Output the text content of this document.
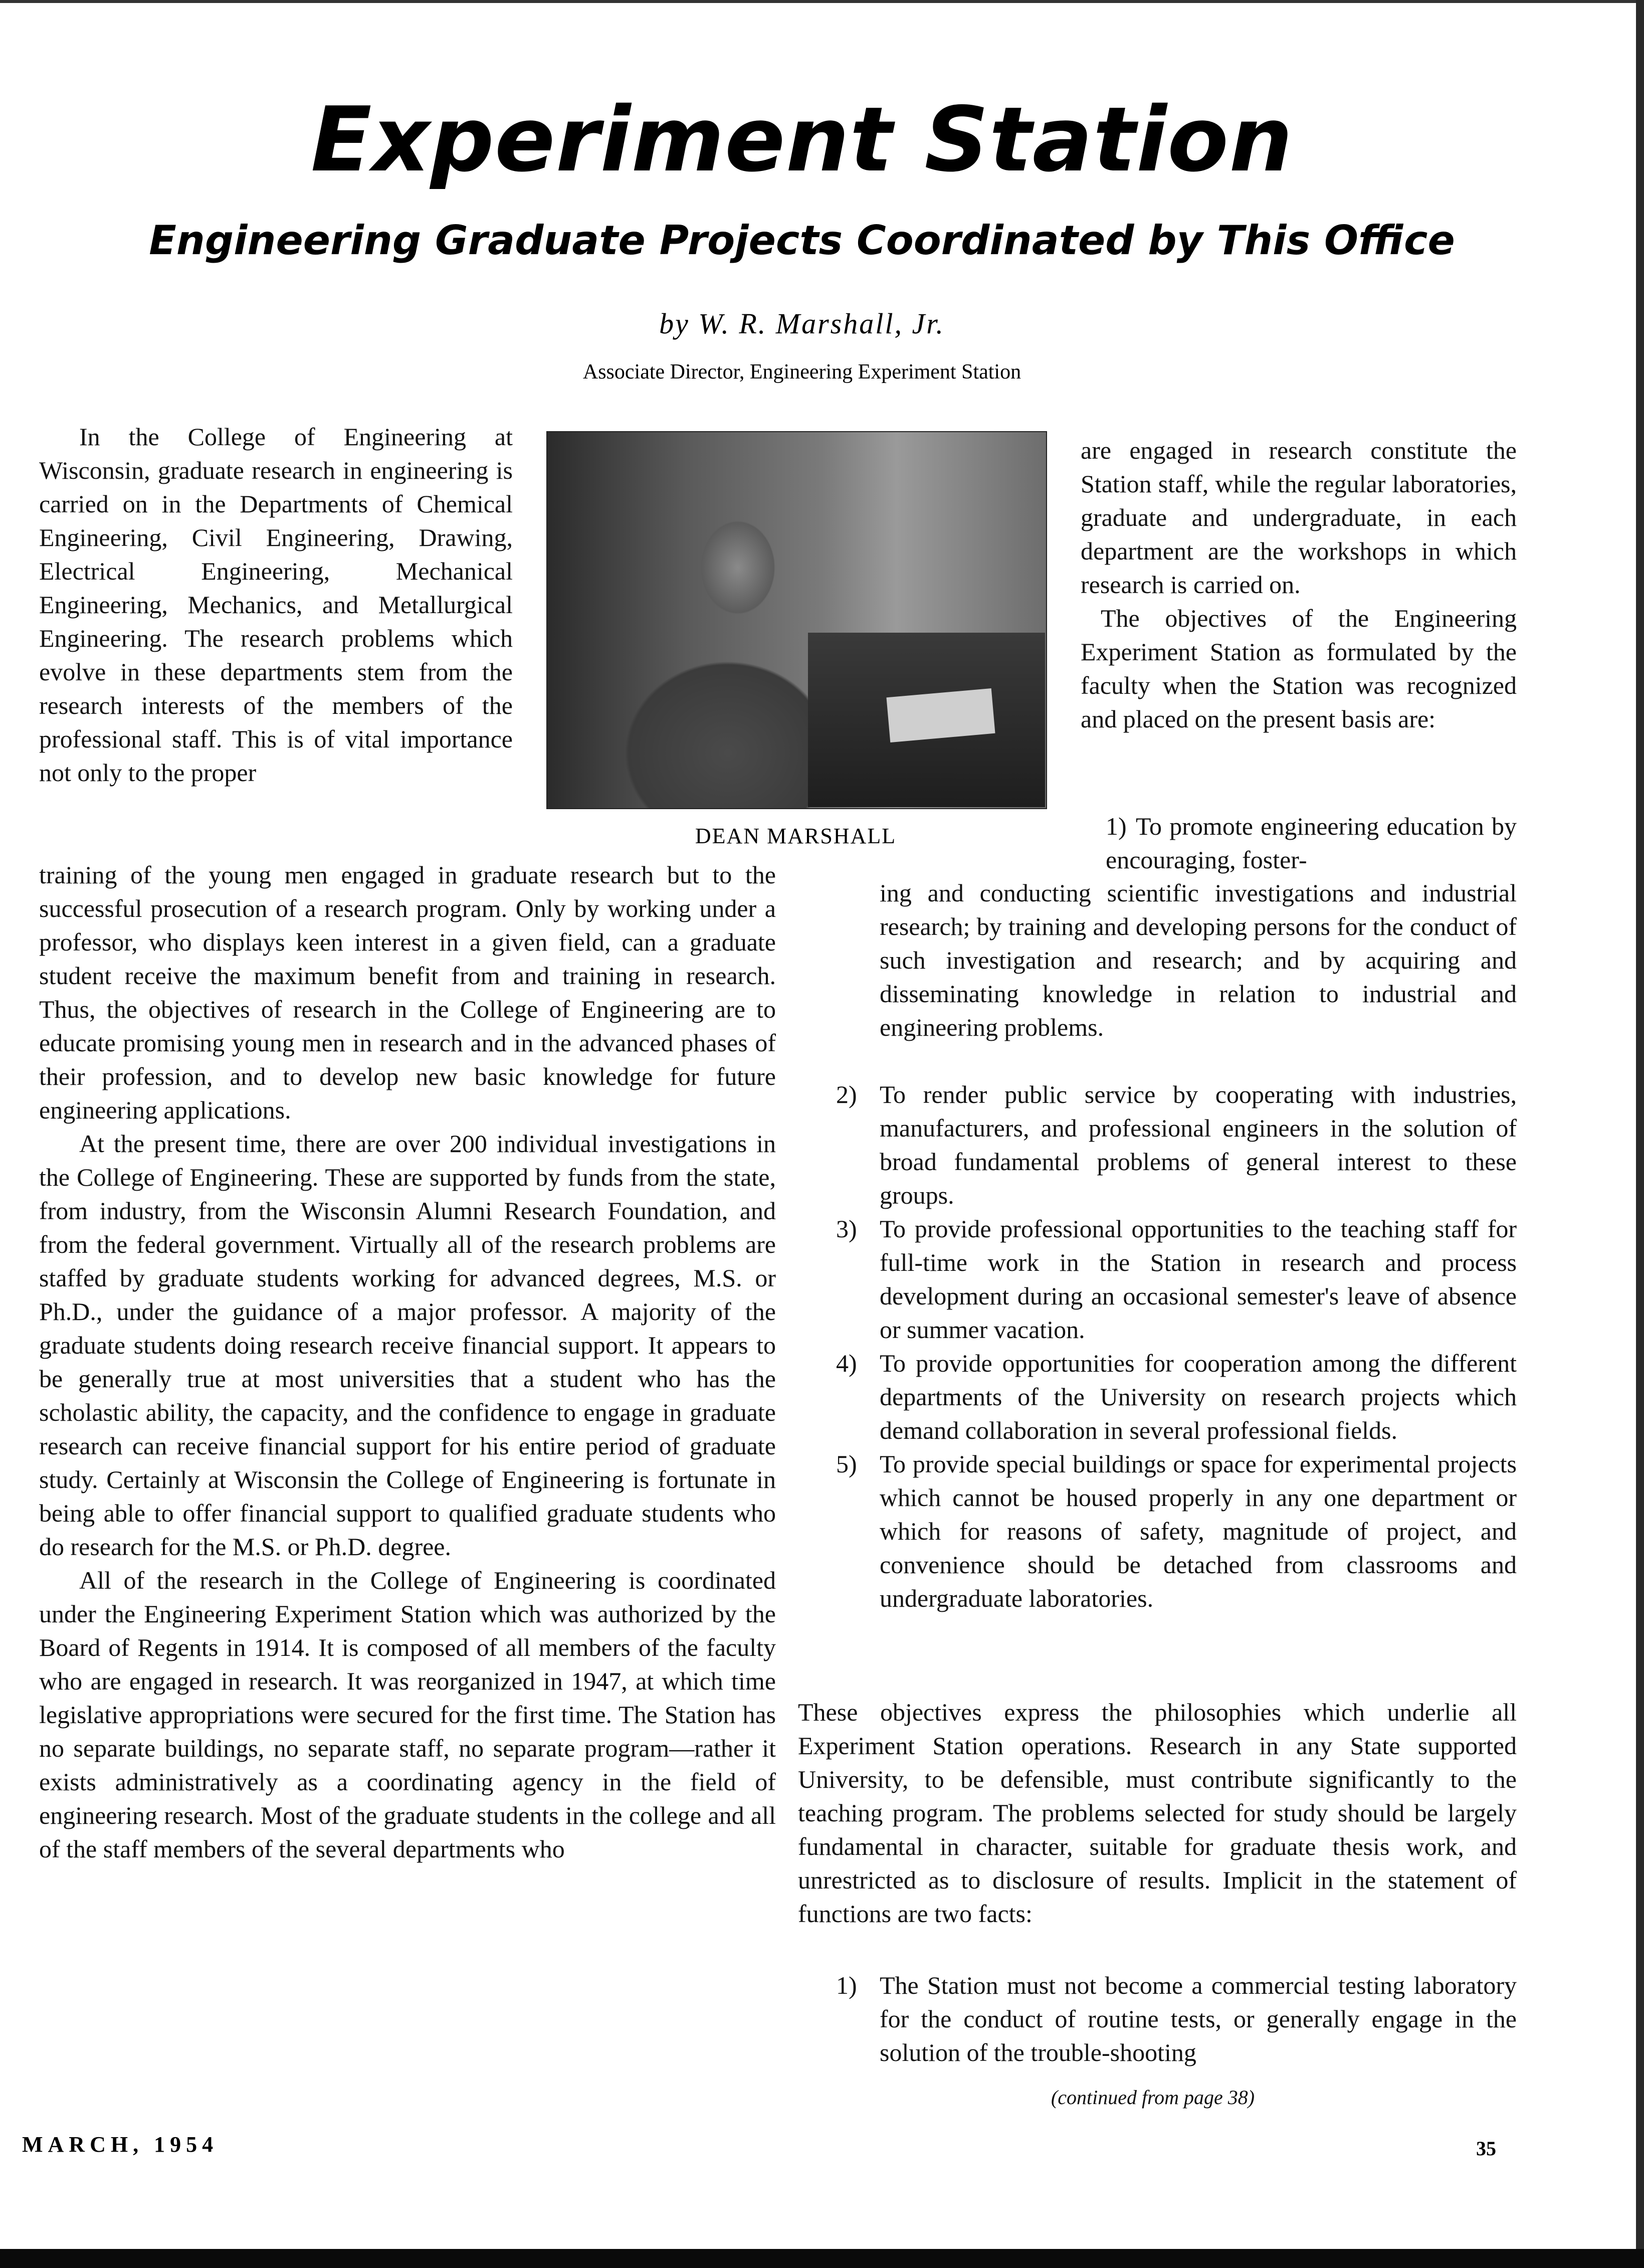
Experiment Station
Engineering Graduate Projects Coordinated by This Office
by W. R. Marshall, Jr.
Associate Director, Engineering Experiment Station

In the College of Engineering at Wisconsin, graduate research in engineering is carried on in the Departments of Chemical Engineering, Civil Engineering, Drawing, Electrical Engineering, Mechanical Engineering, Mechanics, and Metallurgical Engineering. The research problems which evolve in these departments stem from the research interests of the members of the professional staff. This is of vital importance not only to the proper

DEAN MARSHALL

training of the young men engaged in graduate research but to the successful prosecution of a research program. Only by working under a professor, who displays keen interest in a given field, can a graduate student receive the maximum benefit from and training in research. Thus, the objectives of research in the College of Engineering are to educate promising young men in research and in the advanced phases of their profession, and to develop new basic knowledge for future engineering applications.

At the present time, there are over 200 individual investigations in the College of Engineering. These are supported by funds from the state, from industry, from the Wisconsin Alumni Research Foundation, and from the federal government. Virtually all of the research problems are staffed by graduate students working for advanced degrees, M.S. or Ph.D., under the guidance of a major professor. A majority of the graduate students doing research receive financial support. It appears to be generally true at most universities that a student who has the scholastic ability, the capacity, and the confidence to engage in graduate research can receive financial support for his entire period of graduate study. Certainly at Wisconsin the College of Engineering is fortunate in being able to offer financial support to qualified graduate students who do research for the M.S. or Ph.D. degree.

All of the research in the College of Engineering is coordinated under the Engineering Experiment Station which was authorized by the Board of Regents in 1914. It is composed of all members of the faculty who are engaged in research. It was reorganized in 1947, at which time legislative appropriations were secured for the first time. The Station has no separate buildings, no separate staff, no separate program—rather it exists administratively as a coordinating agency in the field of engineering research. Most of the graduate students in the college and all of the staff members of the several departments who

are engaged in research constitute the Station staff, while the regular laboratories, graduate and undergraduate, in each department are the workshops in which research is carried on.

The objectives of the Engineering Experiment Station as formulated by the faculty when the Station was recognized and placed on the present basis are:

1) To promote engineering education by encouraging, foster-

ing and conducting scientific investigations and industrial research; by training and developing persons for the conduct of such investigation and research; and by acquiring and disseminating knowledge in relation to industrial and engineering problems.

2) To render public service by cooperating with industries, manufacturers, and professional engineers in the solution of broad fundamental problems of general interest to these groups.
3) To provide professional opportunities to the teaching staff for full-time work in the Station in research and process development during an occasional semester's leave of absence or summer vacation.
4) To provide opportunities for cooperation among the different departments of the University on research projects which demand collaboration in several professional fields.
5) To provide special buildings or space for experimental projects which cannot be housed properly in any one department or which for reasons of safety, magnitude of project, and convenience should be detached from classrooms and undergraduate laboratories.

These objectives express the philosophies which underlie all Experiment Station operations. Research in any State supported University, to be defensible, must contribute significantly to the teaching program. The problems selected for study should be largely fundamental in character, suitable for graduate thesis work, and unrestricted as to disclosure of results. Implicit in the statement of functions are two facts:

1) The Station must not become a commercial testing laboratory for the conduct of routine tests, or generally engage in the solution of the trouble-shooting
(continued from page 38)
MARCH, 1954	35
